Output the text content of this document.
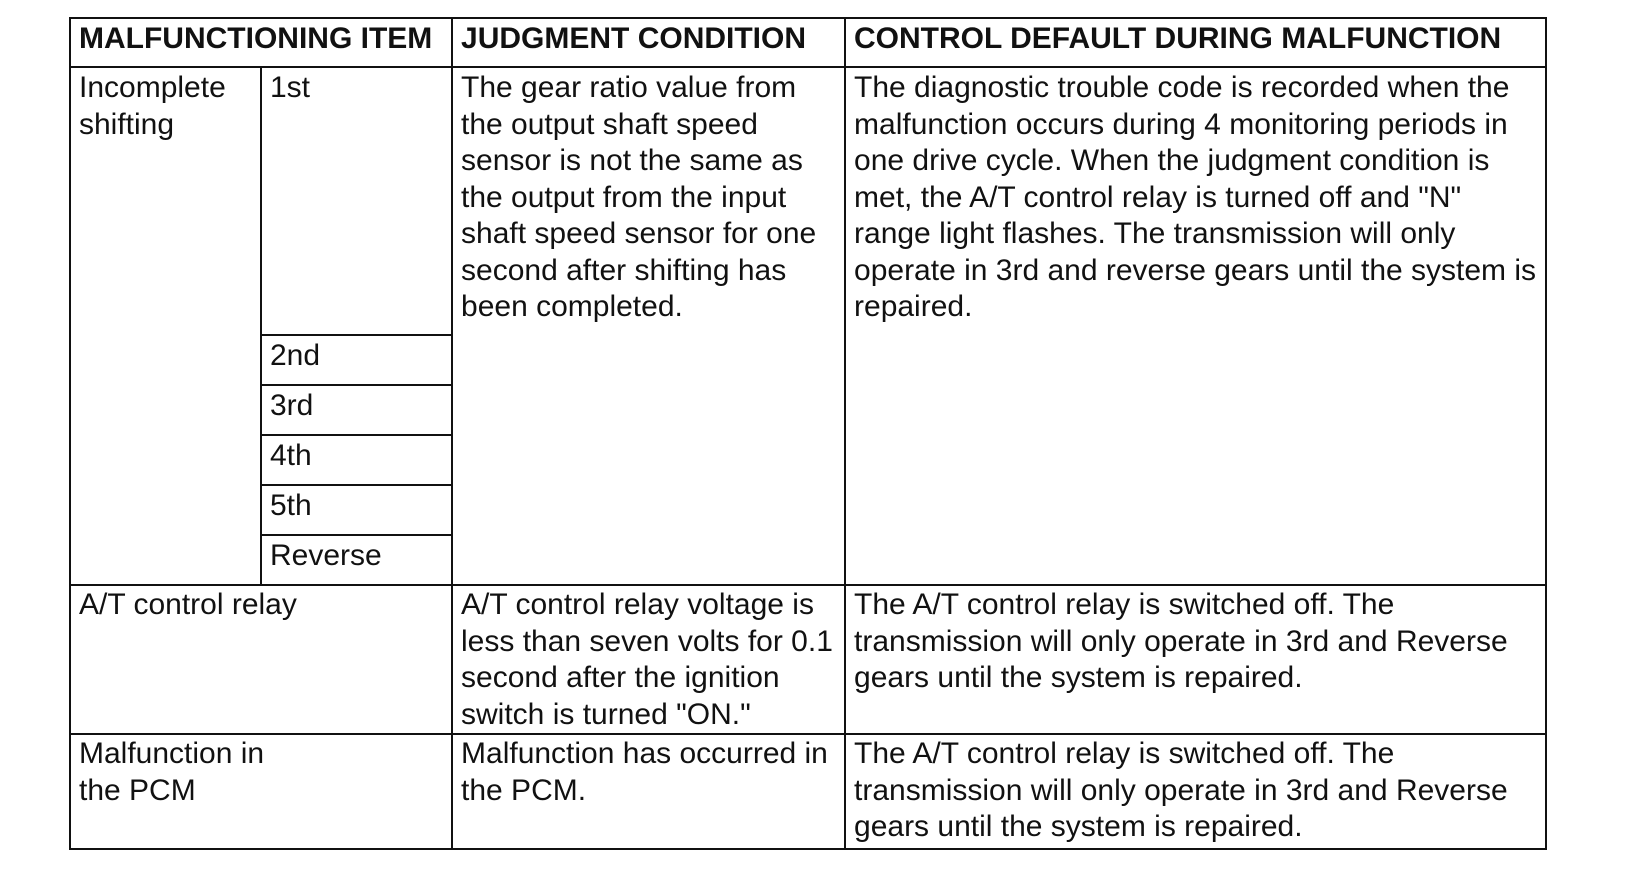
MALFUNCTIONING ITEM		JUDGMENT CONDITION	CONTROL DEFAULT DURING MALFUNCTION
Incomplete shifting	1st	The gear ratio value from the output shaft speed sensor is not the same as the output from the input shaft speed sensor for one second after shifting has been completed.	The diagnostic trouble code is recorded when the malfunction occurs during 4 monitoring periods in one drive cycle. When the judgment condition is met, the A/T control relay is turned off and "N" range light flashes. The transmission will only operate in 3rd and reverse gears until the system is repaired.
	2nd		
	3rd		
	4th		
	5th		
	Reverse		
A/T control relay		A/T control relay voltage is less than seven volts for 0.1 second after the ignition switch is turned "ON."	The A/T control relay is switched off. The transmission will only operate in 3rd and Reverse gears until the system is repaired.
Malfunction in the PCM		Malfunction has occurred in the PCM.	The A/T control relay is switched off. The transmission will only operate in 3rd and Reverse gears until the system is repaired.
